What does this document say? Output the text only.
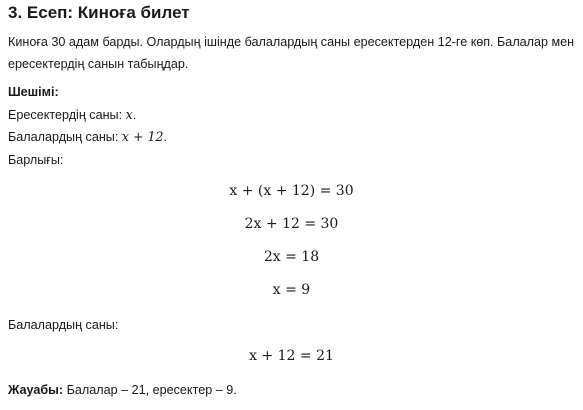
3. Есеп: Киноға билет

Киноға 30 адам барды. Олардың ішінде балалардың саны ересектерден 12-ге көп. Балалар мен ересектердің санын табыңдар.

Шешімі:

Ересектердің саны: x.

Балалардың саны: x + 12.

Барлығы:

x + (x + 12) = 30
2x + 12 = 30
2x = 18
x = 9

Балалардың саны:

x + 12 = 21

Жауабы: Балалар – 21, ересектер – 9.
